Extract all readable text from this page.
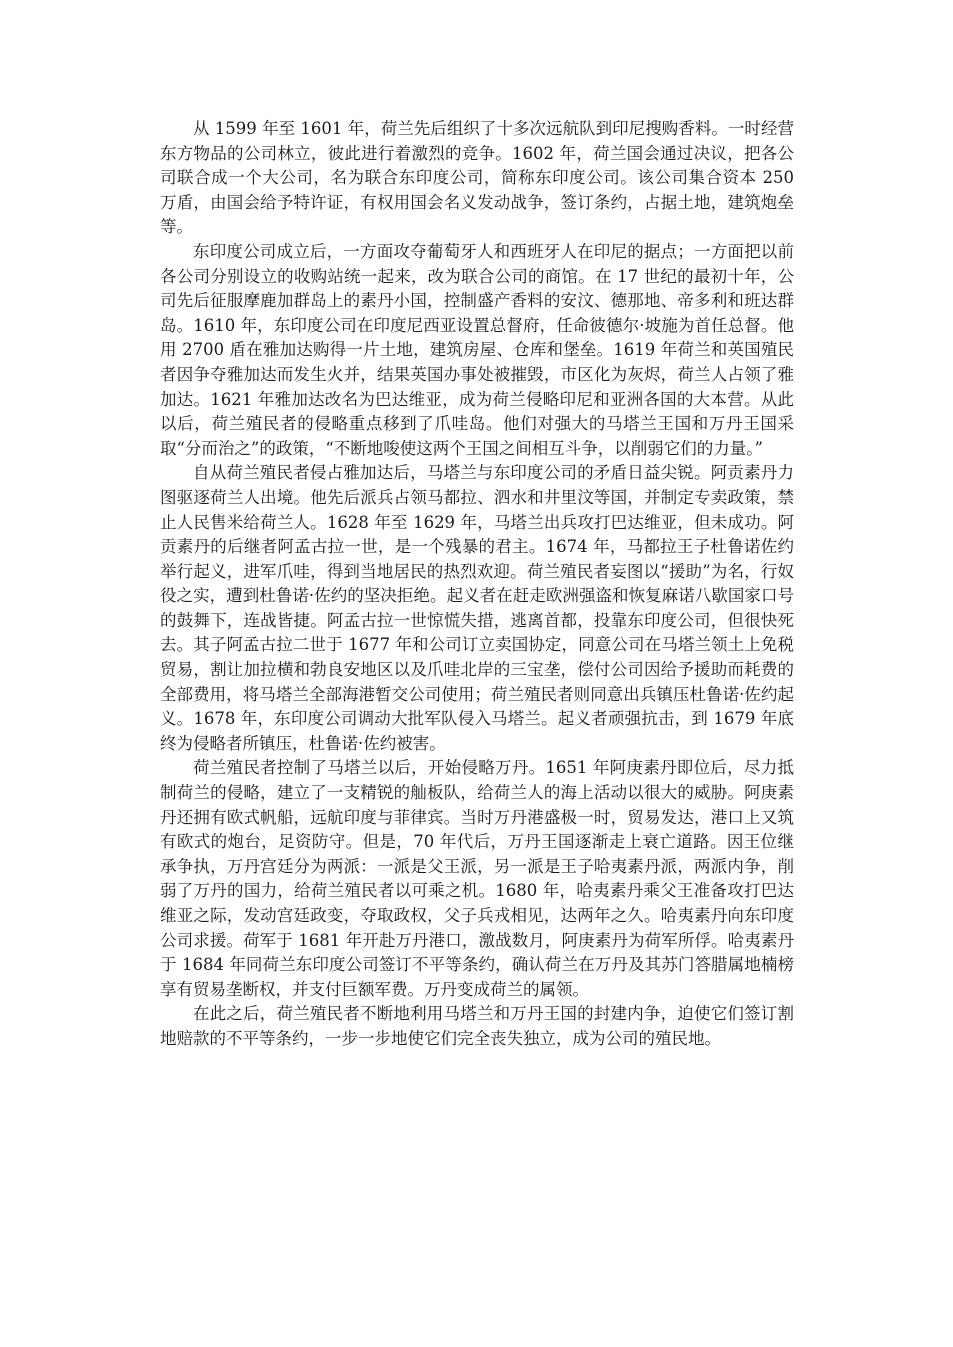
从 1599 年至 1601 年，荷兰先后组织了十多次远航队到印尼搜购香料。一时经营东方物品的公司林立，彼此进行着激烈的竞争。1602 年，荷兰国会通过决议，把各公司联合成一个大公司，名为联合东印度公司，简称东印度公司。该公司集合资本 250 万盾，由国会给予特许证，有权用国会名义发动战争，签订条约，占据土地，建筑炮垒等。

东印度公司成立后，一方面攻夺葡萄牙人和西班牙人在印尼的据点；一方面把以前各公司分别设立的收购站统一起来，改为联合公司的商馆。在 17 世纪的最初十年，公司先后征服摩鹿加群岛上的素丹小国，控制盛产香料的安汶、德那地、帝多利和班达群岛。1610 年，东印度公司在印度尼西亚设置总督府，任命彼德尔·坡施为首任总督。他用 2700 盾在雅加达购得一片土地，建筑房屋、仓库和堡垒。1619 年荷兰和英国殖民者因争夺雅加达而发生火并，结果英国办事处被摧毁，市区化为灰烬，荷兰人占领了雅加达。1621 年雅加达改名为巴达维亚，成为荷兰侵略印尼和亚洲各国的大本营。从此以后，荷兰殖民者的侵略重点移到了爪哇岛。他们对强大的马塔兰王国和万丹王国采取“分而治之”的政策，“不断地唆使这两个王国之间相互斗争，以削弱它们的力量。”

自从荷兰殖民者侵占雅加达后，马塔兰与东印度公司的矛盾日益尖锐。阿贡素丹力图驱逐荷兰人出境。他先后派兵占领马都拉、泗水和井里汶等国，并制定专卖政策，禁止人民售米给荷兰人。1628 年至 1629 年，马塔兰出兵攻打巴达维亚，但未成功。阿贡素丹的后继者阿孟古拉一世，是一个残暴的君主。1674 年，马都拉王子杜鲁诺佐约举行起义，进军爪哇，得到当地居民的热烈欢迎。荷兰殖民者妄图以“援助”为名，行奴役之实，遭到杜鲁诺·佐约的坚决拒绝。起义者在赶走欧洲强盗和恢复麻诺八歇国家口号的鼓舞下，连战皆捷。阿孟古拉一世惊慌失措，逃离首都，投靠东印度公司，但很快死去。其子阿孟古拉二世于 1677 年和公司订立卖国协定，同意公司在马塔兰领土上免税贸易，割让加拉横和勃良安地区以及爪哇北岸的三宝垄，偿付公司因给予援助而耗费的全部费用，将马塔兰全部海港暂交公司使用；荷兰殖民者则同意出兵镇压杜鲁诺·佐约起义。1678 年，东印度公司调动大批军队侵入马塔兰。起义者顽强抗击，到 1679 年底终为侵略者所镇压，杜鲁诺·佐约被害。

荷兰殖民者控制了马塔兰以后，开始侵略万丹。1651 年阿庚素丹即位后，尽力抵制荷兰的侵略，建立了一支精锐的舢板队，给荷兰人的海上活动以很大的威胁。阿庚素丹还拥有欧式帆船，远航印度与菲律宾。当时万丹港盛极一时，贸易发达，港口上又筑有欧式的炮台，足资防守。但是，70 年代后，万丹王国逐渐走上衰亡道路。因王位继承争执，万丹宫廷分为两派：一派是父王派，另一派是王子哈夷素丹派，两派内争，削弱了万丹的国力，给荷兰殖民者以可乘之机。1680 年，哈夷素丹乘父王准备攻打巴达维亚之际，发动宫廷政变，夺取政权，父子兵戎相见，达两年之久。哈夷素丹向东印度公司求援。荷军于 1681 年开赴万丹港口，激战数月，阿庚素丹为荷军所俘。哈夷素丹于 1684 年同荷兰东印度公司签订不平等条约，确认荷兰在万丹及其苏门答腊属地楠榜享有贸易垄断权，并支付巨额军费。万丹变成荷兰的属领。

在此之后，荷兰殖民者不断地利用马塔兰和万丹王国的封建内争，迫使它们签订割地赔款的不平等条约，一步一步地使它们完全丧失独立，成为公司的殖民地。
